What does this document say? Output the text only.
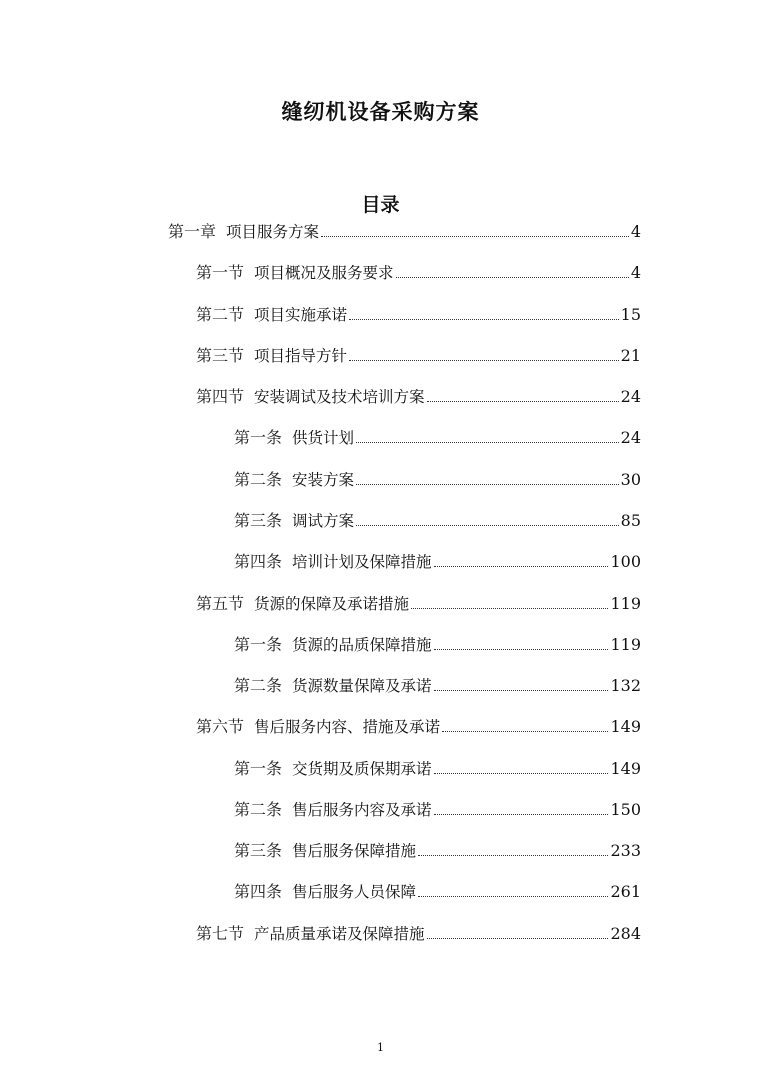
缝纫机设备采购方案
目录
第一章 项目服务方案	4
第一节 项目概况及服务要求	4
第二节 项目实施承诺	15
第三节 项目指导方针	21
第四节 安装调试及技术培训方案	24
第一条 供货计划	24
第二条 安装方案	30
第三条 调试方案	85
第四条 培训计划及保障措施	100
第五节 货源的保障及承诺措施	119
第一条 货源的品质保障措施	119
第二条 货源数量保障及承诺	132
第六节 售后服务内容、措施及承诺	149
第一条 交货期及质保期承诺	149
第二条 售后服务内容及承诺	150
第三条 售后服务保障措施	233
第四条 售后服务人员保障	261
第七节 产品质量承诺及保障措施	284
1
